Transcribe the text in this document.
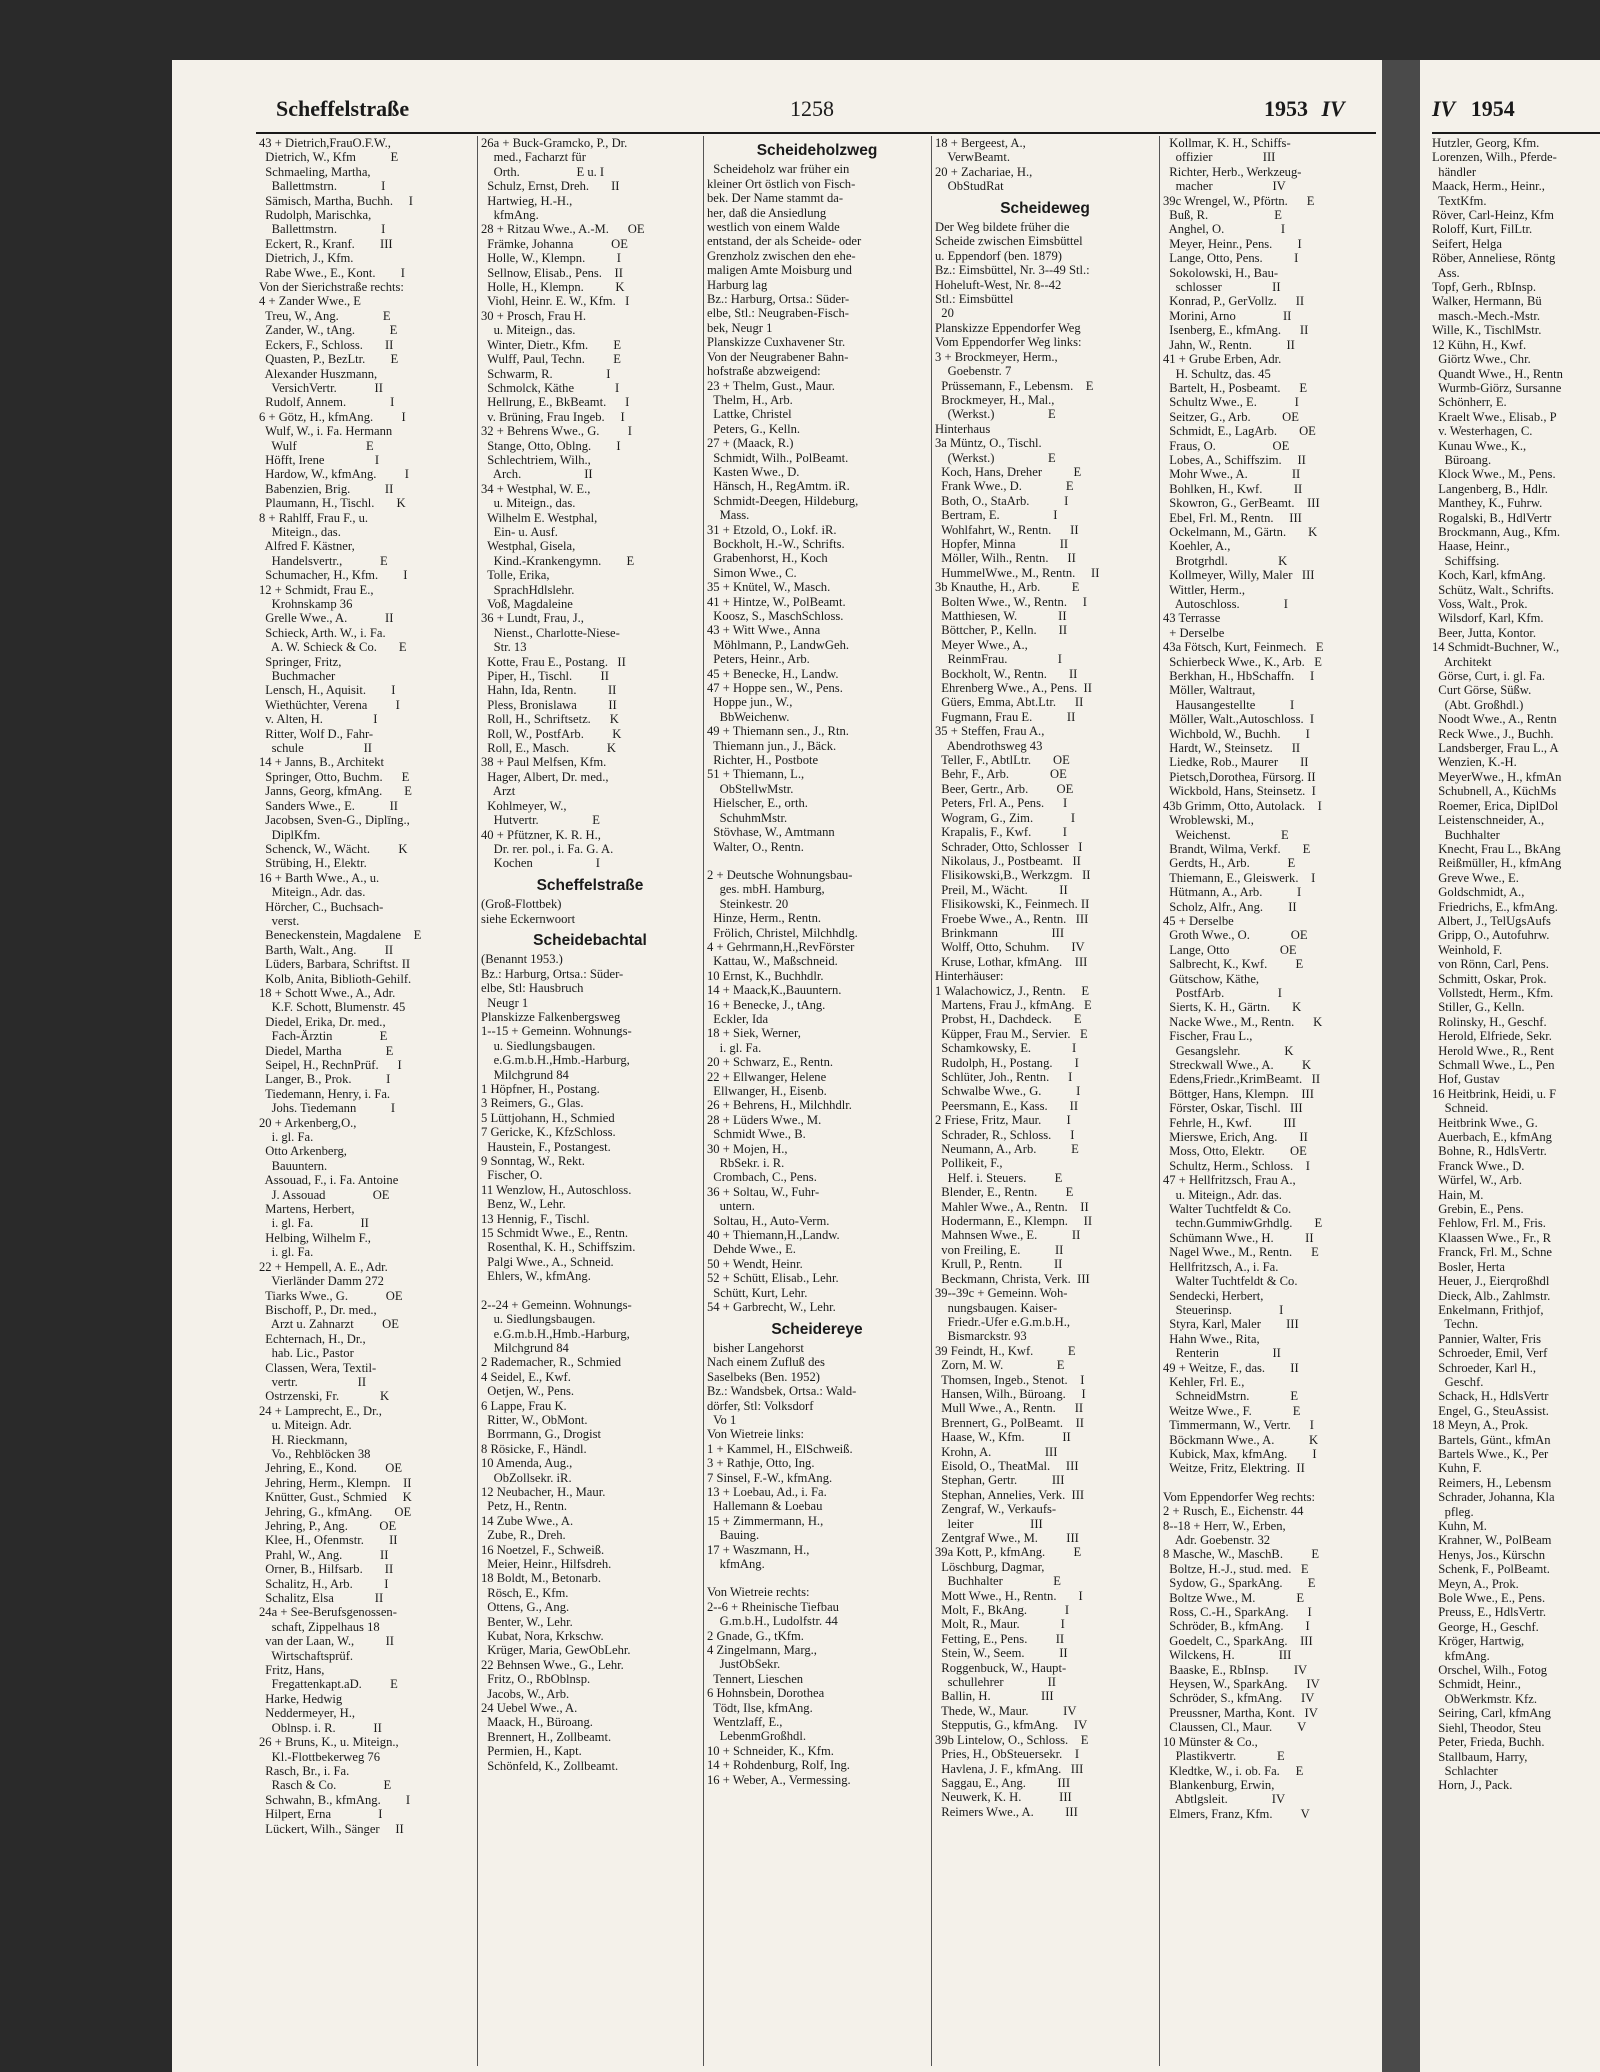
Scheffelstraße	1258	1953 IV
43 + Dietrich,FrauO.F.W.,
Dietrich, W., Kfm           E
Schmaeling, Martha,
Ballettmstrn.              I
Sämisch, Martha, Buchh.     I
Rudolph, Marischka,
Ballettmstrn.              I
Eckert, R., Kranf.        III
Dietrich, J., Kfm.
Rabe Wwe., E., Kont.        I
Von der Sierichstraße rechts:
4 + Zander Wwe., E
Treu, W., Ang.              E
Zander, W., tAng.           E
Eckers, F., Schloss.       II
Quasten, P., BezLtr.        E
Alexander Huszmann,
VersichVertr.            II
Rudolf, Annem.              I
6 + Götz, H., kfmAng.         I
Wulf, W., i. Fa. Hermann
Wulf                      E
Höfft, Irene                I
Hardow, W., kfmAng.         I
Babenzien, Brig.           II
Plaumann, H., Tischl.       K
8 + Rahlff, Frau F., u.
Miteign., das.
Alfred F. Kästner,
Handelsvertr.,            E
Schumacher, H., Kfm.        I
12 + Schmidt, Frau E.,
Krohnskamp 36
Grelle Wwe., A.            II
Schieck, Arth. W., i. Fa.
A. W. Schieck & Co.       E
Springer, Fritz,
Buchmacher
Lensch, H., Aquisit.        I
Wiethüchter, Verena         I
v. Alten, H.                I
Ritter, Wolf D., Fahr-
schule                   II
14 + Janns, B., Architekt
Springer, Otto, Buchm.      E
Janns, Georg, kfmAng.       E
Sanders Wwe., E.           II
Jacobsen, Sven-G., Diplīng.,
DiplKfm.
Schenck, W., Wächt.         K
Strübing, H., Elektr.
16 + Barth Wwe., A., u.
Miteign., Adr. das.
Hörcher, C., Buchsach-
verst.
Beneckenstein, Magdalene    E
Barth, Walt., Ang.         II
Lüders, Barbara, Schriftst. II
Kolb, Anita, Biblioth-Gehilf.
18 + Schott Wwe., A., Adr.
K.F. Schott, Blumenstr. 45
Diedel, Erika, Dr. med.,
Fach-Ärztin               E
Diedel, Martha              E
Seipel, H., RechnPrüf.      I
Langer, B., Prok.           I
Tiedemann, Henry, i. Fa.
Johs. Tiedemann           I
20 + Arkenberg,O.,
i. gl. Fa.
Otto Arkenberg,
Bauuntern.
Assouad, F., i. Fa. Antoine
J. Assouad               OE
Martens, Herbert,
i. gl. Fa.               II
Helbing, Wilhelm F.,
i. gl. Fa.
22 + Hempell, A. E., Adr.
Vierländer Damm 272
Tiarks Wwe., G.            OE
Bischoff, P., Dr. med.,
Arzt u. Zahnarzt         OE
Echternach, H., Dr.,
hab. Lic., Pastor
Classen, Wera, Textil-
vertr.                   II
Ostrzenski, Fr.             K
24 + Lamprecht, E., Dr.,
u. Miteign. Adr.
H. Rieckmann,
Vo., Rehblöcken 38
Jehring, E., Kond.         OE
Jehring, Herm., Klempn.    II
Knütter, Gust., Schmied     K
Jehring, G., kfmAng.       OE
Jehring, P., Ang.          OE
Klee, H., Ofenmstr.        II
Prahl, W., Ang.            II
Orner, B., Hilfsarb.       II
Schalitz, H., Arb.          I
Schalitz, Elsa             II
24a + See-Berufsgenossen-
schaft, Zippelhaus 18
van der Laan, W.,          II
Wirtschaftsprüf.
Fritz, Hans,
Fregattenkapt.aD.         E
Harke, Hedwig
Neddermeyer, H.,
Oblnsp. i. R.            II
26 + Bruns, K., u. Miteign.,
Kl.-Flottbekerweg 76
Rasch, Br., i. Fa.
Rasch & Co.               E
Schwahn, B., kfmAng.        I
Hilpert, Erna               I
Lückert, Wilh., Sänger     II
26a + Buck-Gramcko, P., Dr.
med., Facharzt für
Orth.                  E u. I
Schulz, Ernst, Dreh.       II
Hartwieg, H.-H.,
kfmAng.
28 + Ritzau Wwe., A.-M.      OE
Främke, Johanna            OE
Holle, W., Klempn.          I
Sellnow, Elisab., Pens.    II
Holle, H., Klempn.          K
Viohl, Heinr. E. W., Kfm.   I
30 + Prosch, Frau H.
u. Miteign., das.
Winter, Dietr., Kfm.        E
Wulff, Paul, Techn.         E
Schwarm, R.                 I
Schmolck, Käthe             I
Hellrung, E., BkBeamt.      I
v. Brüning, Frau Ingeb.     I
32 + Behrens Wwe., G.         I
Stange, Otto, Oblng.        I
Schlechtriem, Wilh.,
Arch.                    II
34 + Westphal, W. E.,
u. Miteign., das.
Wilhelm E. Westphal,
Ein- u. Ausf.
Westphal, Gisela,
Kind.-Krankengymn.        E
Tolle, Erika,
SprachHdlslehr.
Voß, Magdaleine
36 + Lundt, Frau, J.,
Nienst., Charlotte-Niese-
Str. 13
Kotte, Frau E., Postang.   II
Piper, H., Tischl.         II
Hahn, Ida, Rentn.          II
Pless, Bronislawa          II
Roll, H., Schriftsetz.      K
Roll, W., PostfArb.         K
Roll, E., Masch.            K
38 + Paul Melfsen, Kfm.
Hager, Albert, Dr. med.,
Arzt
Kohlmeyer, W.,
Hutvertr.                 E
40 + Pfützner, K. R. H.,
Dr. rer. pol., i. Fa. G. A.
Kochen                    I
Scheffelstraße
(Groß-Flottbek)
siehe Eckernwoort
Scheidebachtal
(Benannt 1953.)
Bz.: Harburg, Ortsa.: Süder-
elbe, Stl: Hausbruch
Neugr 1
Planskizze Falkenbergsweg
1--15 + Gemeinn. Wohnungs-
u. Siedlungsbaugen.
e.G.m.b.H.,Hmb.-Harburg,
Milchgrund 84
1 Höpfner, H., Postang.
3 Reimers, G., Glas.
5 Lüttjohann, H., Schmied
7 Gericke, K., KfzSchloss.
Haustein, F., Postangest.
9 Sonntag, W., Rekt.
Fischer, O.
11 Wenzlow, H., Autoschloss.
Benz, W., Lehr.
13 Hennig, F., Tischl.
15 Schmidt Wwe., E., Rentn.
Rosenthal, K. H., Schiffszim.
Palgi Wwe., A., Schneid.
Ehlers, W., kfmAng.
2--24 + Gemeinn. Wohnungs-
u. Siedlungsbaugen.
e.G.m.b.H.,Hmb.-Harburg,
Milchgrund 84
2 Rademacher, R., Schmied
4 Seidel, E., Kwf.
Oetjen, W., Pens.
6 Lappe, Frau K.
Ritter, W., ObMont.
Borrmann, G., Drogist
8 Rösicke, F., Händl.
10 Amenda, Aug.,
ObZollsekr. iR.
12 Neubacher, H., Maur.
Petz, H., Rentn.
14 Zube Wwe., A.
Zube, R., Dreh.
16 Noetzel, F., Schweiß.
Meier, Heinr., Hilfsdreh.
18 Boldt, M., Betonarb.
Rösch, E., Kfm.
Ottens, G., Ang.
Benter, W., Lehr.
Kubat, Nora, Krkschw.
Krüger, Maria, GewObLehr.
22 Behnsen Wwe., G., Lehr.
Fritz, O., RbOblnsp.
Jacobs, W., Arb.
24 Uebel Wwe., A.
Maack, H., Büroang.
Brennert, H., Zollbeamt.
Permien, H., Kapt.
Schönfeld, K., Zollbeamt.
Scheideholzweg
Scheideholz war früher ein
kleiner Ort östlich von Fisch-
bek. Der Name stammt da-
her, daß die Ansiedlung
westlich von einem Walde
entstand, der als Scheide- oder
Grenzholz zwischen den ehe-
maligen Amte Moisburg und
Harburg lag
Bz.: Harburg, Ortsa.: Süder-
elbe, Stl.: Neugraben-Fisch-
bek, Neugr 1
Planskizze Cuxhavener Str.
Von der Neugrabener Bahn-
hofstraße abzweigend:
23 + Thelm, Gust., Maur.
Thelm, H., Arb.
Lattke, Christel
Peters, G., Kelln.
27 + (Maack, R.)
Schmidt, Wilh., PolBeamt.
Kasten Wwe., D.
Hänsch, H., RegAmtm. iR.
Schmidt-Deegen, Hildeburg,
Mass.
31 + Etzold, O., Lokf. iR.
Bockholt, H.-W., Schrifts.
Grabenhorst, H., Koch
Simon Wwe., C.
35 + Knütel, W., Masch.
41 + Hintze, W., PolBeamt.
Koosz, S., MaschSchloss.
43 + Witt Wwe., Anna
Möhlmann, P., LandwGeh.
Peters, Heinr., Arb.
45 + Benecke, H., Landw.
47 + Hoppe sen., W., Pens.
Hoppe jun., W.,
BbWeichenw.
49 + Thiemann sen., J., Rtn.
Thiemann jun., J., Bäck.
Richter, H., Postbote
51 + Thiemann, L.,
ObStellwMstr.
Hielscher, E., orth.
SchuhmMstr.
Stövhase, W., Amtmann
Walter, O., Rentn.
2 + Deutsche Wohnungsbau-
ges. mbH. Hamburg,
Steinkestr. 20
Hinze, Herm., Rentn.
Frölich, Christel, Milchhdlg.
4 + Gehrmann,H.,RevFörster
Kattau, W., Maßschneid.
10 Ernst, K., Buchhdlr.
14 + Maack,K.,Bauuntern.
16 + Benecke, J., tAng.
Eckler, Ida
18 + Siek, Werner,
i. gl. Fa.
20 + Schwarz, E., Rentn.
22 + Ellwanger, Helene
Ellwanger, H., Eisenb.
26 + Behrens, H., Milchhdlr.
28 + Lüders Wwe., M.
Schmidt Wwe., B.
30 + Mojen, H.,
RbSekr. i. R.
Crombach, C., Pens.
36 + Soltau, W., Fuhr-
untern.
Soltau, H., Auto-Verm.
40 + Thiemann,H.,Landw.
Dehde Wwe., E.
50 + Wendt, Heinr.
52 + Schütt, Elisab., Lehr.
Schütt, Kurt, Lehr.
54 + Garbrecht, W., Lehr.
Scheidereye
bisher Langehorst
Nach einem Zufluß des
Saselbeks (Ben. 1952)
Bz.: Wandsbek, Ortsa.: Wald-
dörfer, Stl: Volksdorf
Vo 1
Von Wietreie links:
1 + Kammel, H., ElSchweiß.
3 + Rathje, Otto, Ing.
7 Sinsel, F.-W., kfmAng.
13 + Loebau, Ad., i. Fa.
Hallemann & Loebau
15 + Zimmermann, H.,
Bauing.
17 + Waszmann, H.,
kfmAng.
Von Wietreie rechts:
2--6 + Rheinische Tiefbau
G.m.b.H., Ludolfstr. 44
2 Gnade, G., tKfm.
4 Zingelmann, Marg.,
JustObSekr.
Tennert, Lieschen
6 Hohnsbein, Dorothea
Tödt, Ilse, kfmAng.
Wentzlaff, E.,
LebenmGroßhdl.
10 + Schneider, K., Kfm.
14 + Rohdenburg, Rolf, Ing.
16 + Weber, A., Vermessing.
18 + Bergeest, A.,
VerwBeamt.
20 + Zachariae, H.,
ObStudRat
Scheideweg
Der Weg bildete früher die
Scheide zwischen Eimsbüttel
u. Eppendorf (ben. 1879)
Bz.: Eimsbüttel, Nr. 3--49 Stl.:
Hoheluft-West, Nr. 8--42
Stl.: Eimsbüttel
20
Planskizze Eppendorfer Weg
Vom Eppendorfer Weg links:
3 + Brockmeyer, Herm.,
Goebenstr. 7
Prüssemann, F., Lebensm.    E
Brockmeyer, H., Mal.,
(Werkst.)                 E
Hinterhaus
3a Müntz, O., Tischl.
(Werkst.)                 E
Koch, Hans, Dreher          E
Frank Wwe., D.              E
Both, O., StaArb.           I
Bertram, E.                 I
Wohlfahrt, W., Rentn.      II
Hopfer, Minna              II
Möller, Wilh., Rentn.      II
HummelWwe., M., Rentn.     II
3b Knauthe, H., Arb.          E
Bolten Wwe., W., Rentn.     I
Matthiesen, W.             II
Böttcher, P., Kelln.       II
Meyer Wwe., A.,
ReinmFrau.                I
Bockholt, W., Rentn.       II
Ehrenberg Wwe., A., Pens.  II
Güers, Emma, Abt.Ltr.      II
Fugmann, Frau E.           II
35 + Steffen, Frau A.,
Abendrothsweg 43
Teller, F., AbtlLtr.       OE
Behr, F., Arb.             OE
Beer, Gertr., Arb.         OE
Peters, Frl. A., Pens.      I
Wogram, G., Zim.            I
Krapalis, F., Kwf.          I
Schrader, Otto, Schlosser   I
Nikolaus, J., Postbeamt.   II
Flisikowski,B., Werkzgm.   II
Preil, M., Wächt.          II
Flisikowski, K., Feinmech. II
Froebe Wwe., A., Rentn.   III
Brinkmann                 III
Wolff, Otto, Schuhm.       IV
Kruse, Lothar, kfmAng.    III
Hinterhäuser:
1 Walachowicz, J., Rentn.     E
Martens, Frau J., kfmAng.   E
Probst, H., Dachdeck.       E
Küpper, Frau M., Servier.   E
Schamkowsky, E.             I
Rudolph, H., Postang.       I
Schlüter, Joh., Rentn.      I
Schwalbe Wwe., G.           I
Peersmann, E., Kass.       II
2 Friese, Fritz, Maur.        I
Schrader, R., Schloss.      I
Neumann, A., Arb.           E
Pollikeit, F.,
Helf. i. Steuers.         E
Blender, E., Rentn.         E
Mahler Wwe., A., Rentn.    II
Hodermann, E., Klempn.     II
Mahnsen Wwe., E.           II
von Freiling, E.           II
Krull, P., Rentn.          II
Beckmann, Christa, Verk.  III
39--39c + Gemeinn. Woh-
nungsbaugen. Kaiser-
Friedr.-Ufer e.G.m.b.H.,
Bismarckstr. 93
39 Feindt, H., Kwf.           E
Zorn, M. W.                 E
Thomsen, Ingeb., Stenot.    I
Hansen, Wilh., Büroang.     I
Mull Wwe., A., Rentn.      II
Brennert, G., PolBeamt.    II
Haase, W., Kfm.            II
Krohn, A.                 III
Eisold, O., TheatMal.     III
Stephan, Gertr.           III
Stephan, Annelies, Verk.  III
Zengraf, W., Verkaufs-
leiter                  III
Zentgraf Wwe., M.         III
39a Kott, P., kfmAng.         E
Löschburg, Dagmar,
Buchhalter                E
Mott Wwe., H., Rentn.       I
Molt, F., BkAng.            I
Molt, R., Maur.             I
Fetting, E., Pens.         II
Stein, W., Seem.           II
Roggenbuck, W., Haupt-
schullehrer              II
Ballin, H.                III
Thede, W., Maur.           IV
Stepputis, G., kfmAng.     IV
39b Lintelow, O., Schloss.    E
Pries, H., ObSteuersekr.    I
Havlena, J. F., kfmAng.   III
Saggau, E., Ang.          III
Neuwerk, K. H.            III
Reimers Wwe., A.          III
Kollmar, K. H., Schiffs-
offizier                III
Richter, Herb., Werkzeug-
macher                   IV
39c Wrengel, W., Pförtn.      E
Buß, R.                     E
Anghel, O.                  I
Meyer, Heinr., Pens.        I
Lange, Otto, Pens.          I
Sokolowski, H., Bau-
schlosser                II
Konrad, P., GerVollz.      II
Morini, Arno               II
Isenberg, E., kfmAng.      II
Jahn, W., Rentn.           II
41 + Grube Erben, Adr.
H. Schultz, das. 45
Bartelt, H., Posbeamt.      E
Schultz Wwe., E.            I
Seitzer, G., Arb.          OE
Schmidt, E., LagArb.       OE
Fraus, O.                  OE
Lobes, A., Schiffszim.     II
Mohr Wwe., A.              II
Bohlken, H., Kwf.          II
Skowron, G., GerBeamt.    III
Ebel, Frl. M., Rentn.     III
Ockelmann, M., Gärtn.       K
Koehler, A.,
Brotgrhdl.                K
Kollmeyer, Willy, Maler   III
Wittler, Herm.,
Autoschloss.              I
43 Terrasse
+ Derselbe
43a Fötsch, Kurt, Feinmech.   E
Schierbeck Wwe., K., Arb.   E
Berkhan, H., HbSchaffn.     I
Möller, Waltraut,
Hausangestellte           I
Möller, Walt.,Autoschloss.  I
Wichbold, W., Buchh.        I
Hardt, W., Steinsetz.      II
Liedke, Rob., Maurer       II
Pietsch,Dorothea, Fürsorg. II
Wickbold, Hans, Steinsetz.  I
43b Grimm, Otto, Autolack.    I
Wroblewski, M.,
Weichenst.                E
Brandt, Wilma, Verkf.       E
Gerdts, H., Arb.            E
Thiemann, E., Gleiswerk.    I
Hütmann, A., Arb.           I
Scholz, Alfr., Ang.        II
45 + Derselbe
Groth Wwe., O.             OE
Lange, Otto                OE
Salbrecht, K., Kwf.         E
Gütschow, Käthe,
PostfArb.                 I
Sierts, K. H., Gärtn.       K
Nacke Wwe., M., Rentn.      K
Fischer, Frau L.,
Gesangslehr.              K
Streckwall Wwe., A.         K
Edens,Friedr.,KrimBeamt.   II
Böttger, Hans, Klempn.    III
Förster, Oskar, Tischl.   III
Fehrle, H., Kwf.          III
Mierswe, Erich, Ang.       II
Moss, Otto, Elektr.        OE
Schultz, Herm., Schloss.    I
47 + Hellfritzsch, Frau A.,
u. Miteign., Adr. das.
Walter Tuchtfeldt & Co.
techn.GummiwGrhdlg.       E
Schümann Wwe., H.          II
Nagel Wwe., M., Rentn.      E
Hellfritzsch, A., i. Fa.
Walter Tuchtfeldt & Co.
Sendecki, Herbert,
Steuerinsp.               I
Styra, Karl, Maler        III
Hahn Wwe., Rita,
Renterin                 II
49 + Weitze, F., das.        II
Kehler, Frl. E.,
SchneidMstrn.             E
Weitze Wwe., F.             E
Timmermann, W., Vertr.      I
Böckmann Wwe., A.           K
Kubick, Max, kfmAng.        I
Weitze, Fritz, Elektring.  II
Vom Eppendorfer Weg rechts:
2 + Rusch, E., Eichenstr. 44
8--18 + Herr, W., Erben,
Adr. Goebenstr. 32
8 Masche, W., MaschB.         E
Boltze, H.-J., stud. med.   E
Sydow, G., SparkAng.        E
Boltze Wwe., M.             E
Ross, C.-H., SparkAng.      I
Schröder, B., kfmAng.       I
Goedelt, C., SparkAng.    III
Wilckens, H.              III
Baaske, E., RbInsp.        IV
Heysen, W., SparkAng.      IV
Schröder, S., kfmAng.      IV
Preussner, Martha, Kont.   IV
Claussen, Cl., Maur.        V
10 Münster & Co.,
Plastikvertr.             E
Kledtke, W., i. ob. Fa.     E
Blankenburg, Erwin,
Abtlgsleit.              IV
Elmers, Franz, Kfm.         V
IV 1954
Hutzler, Georg, Kfm.
Lorenzen, Wilh., Pferde-
händler
Maack, Herm., Heinr.,
TextKfm.
Röver, Carl-Heinz, Kfm
Roloff, Kurt, FilLtr.
Seifert, Helga
Röber, Anneliese, Röntg
Ass.
Topf, Gerh., RbInsp.
Walker, Hermann, Bü
masch.-Mech.-Mstr.
Wille, K., TischlMstr.
12 Kühn, H., Kwf.
Giörtz Wwe., Chr.
Quandt Wwe., H., Rentn
Wurmb-Giörz, Sursanne
Schönherr, E.
Kraelt Wwe., Elisab., P
v. Westerhagen, C.
Kunau Wwe., K.,
Büroang.
Klock Wwe., M., Pens.
Langenberg, B., Hdlr.
Manthey, K., Fuhrw.
Rogalski, B., HdlVertr
Brockmann, Aug., Kfm.
Haase, Heinr.,
Schiffsing.
Koch, Karl, kfmAng.
Schütz, Walt., Schrifts.
Voss, Walt., Prok.
Wilsdorf, Karl, Kfm.
Beer, Jutta, Kontor.
14 Schmidt-Buchner, W.,
Architekt
Görse, Curt, i. gl. Fa.
Curt Görse, Süßw.
(Abt. Großhdl.)
Noodt Wwe., A., Rentn
Reck Wwe., J., Buchh.
Landsberger, Frau L., A
Wenzien, K.-H.
MeyerWwe., H., kfmAn
Schubnell, A., KüchMs
Roemer, Erica, DiplDol
Leistenschneider, A.,
Buchhalter
Knecht, Frau L., BkAng
Reißmüller, H., kfmAng
Greve Wwe., E.
Goldschmidt, A.,
Friedrichs, E., kfmAng.
Albert, J., TelUgsAufs
Gripp, O., Autofuhrw.
Weinhold, F.
von Rönn, Carl, Pens.
Schmitt, Oskar, Prok.
Vollstedt, Herm., Kfm.
Stiller, G., Kelln.
Rolinsky, H., Geschf.
Herold, Elfriede, Sekr.
Herold Wwe., R., Rent
Schmall Wwe., L., Pen
Hof, Gustav
16 Heitbrink, Heidi, u. F
Schneid.
Heitbrink Wwe., G.
Auerbach, E., kfmAng
Bohne, R., HdlsVertr.
Franck Wwe., D.
Würfel, W., Arb.
Hain, M.
Grebin, E., Pens.
Fehlow, Frl. M., Fris.
Klaassen Wwe., Fr., R
Franck, Frl. M., Schne
Bosler, Herta
Heuer, J., Eierqroßhdl
Dieck, Alb., Zahlmstr.
Enkelmann, Frithjof,
Techn.
Pannier, Walter, Fris
Schroeder, Emil, Verf
Schroeder, Karl H.,
Geschf.
Schack, H., HdlsVertr
Engel, G., SteuAssist.
18 Meyn, A., Prok.
Bartels, Günt., kfmAn
Bartels Wwe., K., Per
Kuhn, F.
Reimers, H., Lebensm
Schrader, Johanna, Kla
pfleg.
Kuhn, M.
Krahner, W., PolBeam
Henys, Jos., Kürschn
Schenk, F., PolBeamt.
Meyn, A., Prok.
Bole Wwe., E., Pens.
Preuss, E., HdlsVertr.
George, H., Geschf.
Kröger, Hartwig,
kfmAng.
Orschel, Wilh., Fotog
Schmidt, Heinr.,
ObWerkmstr. Kfz.
Seiring, Carl, kfmAng
Siehl, Theodor, Steu
Peter, Frieda, Buchh.
Stallbaum, Harry,
Schlachter
Horn, J., Pack.
